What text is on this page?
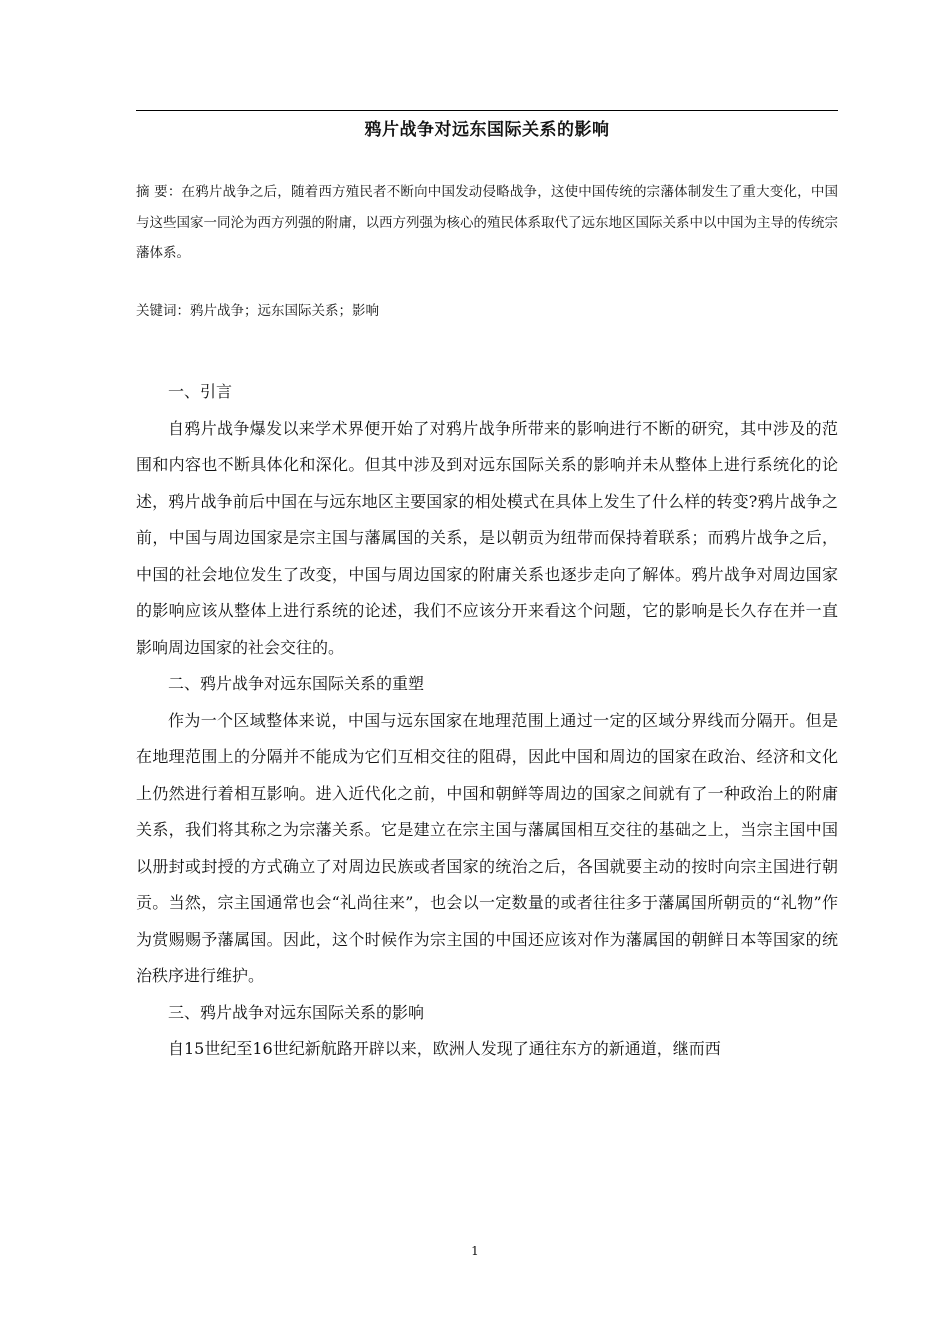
鸦片战争对远东国际关系的影响
摘 要：在鸦片战争之后，随着西方殖民者不断向中国发动侵略战争，这使中国传统的宗藩体制发生了重大变化，中国与这些国家一同沦为西方列强的附庸，以西方列强为核心的殖民体系取代了远东地区国际关系中以中国为主导的传统宗藩体系。
关键词：鸦片战争；远东国际关系；影响
一、引言

自鸦片战争爆发以来学术界便开始了对鸦片战争所带来的影响进行不断的研究，其中涉及的范围和内容也不断具体化和深化。但其中涉及到对远东国际关系的影响并未从整体上进行系统化的论述，鸦片战争前后中国在与远东地区主要国家的相处模式在具体上发生了什么样的转变?鸦片战争之前，中国与周边国家是宗主国与藩属国的关系，是以朝贡为纽带而保持着联系；而鸦片战争之后，中国的社会地位发生了改变，中国与周边国家的附庸关系也逐步走向了解体。鸦片战争对周边国家的影响应该从整体上进行系统的论述，我们不应该分开来看这个问题，它的影响是长久存在并一直影响周边国家的社会交往的。

二、鸦片战争对远东国际关系的重塑

作为一个区域整体来说，中国与远东国家在地理范围上通过一定的区域分界线而分隔开。但是在地理范围上的分隔并不能成为它们互相交往的阻碍，因此中国和周边的国家在政治、经济和文化上仍然进行着相互影响。进入近代化之前，中国和朝鲜等周边的国家之间就有了一种政治上的附庸关系，我们将其称之为宗藩关系。它是建立在宗主国与藩属国相互交往的基础之上，当宗主国中国以册封或封授的方式确立了对周边民族或者国家的统治之后，各国就要主动的按时向宗主国进行朝贡。当然，宗主国通常也会“礼尚往来”，也会以一定数量的或者往往多于藩属国所朝贡的“礼物”作为赏赐赐予藩属国。因此，这个时候作为宗主国的中国还应该对作为藩属国的朝鲜日本等国家的统治秩序进行维护。

三、鸦片战争对远东国际关系的影响

自15世纪至16世纪新航路开辟以来，欧洲人发现了通往东方的新通道，继而西

1
